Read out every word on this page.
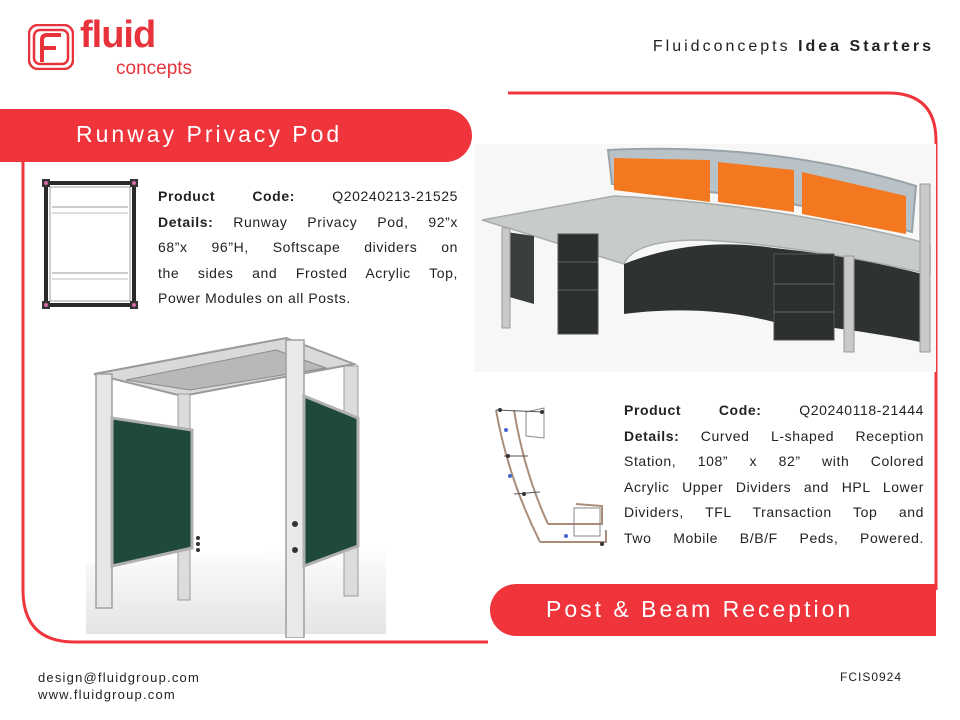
fluid
concepts
Fluidconcepts Idea Starters
Runway Privacy Pod
Post & Beam Reception
Product Code:	Q20240213-21525
Details: Runway Privacy Pod, 92”x
68”x 96”H, Softscape dividers on
the sides and Frosted Acrylic Top,
Power Modules on all Posts.
Product Code:	Q20240118-21444
Details: Curved L-shaped Reception
Station, 108” x 82” with Colored
Acrylic Upper Dividers and HPL Lower
Dividers, TFL Transaction Top and
Two Mobile B/B/F Peds, Powered.
design@fluidgroup.com
www.fluidgroup.com
FCIS0924
